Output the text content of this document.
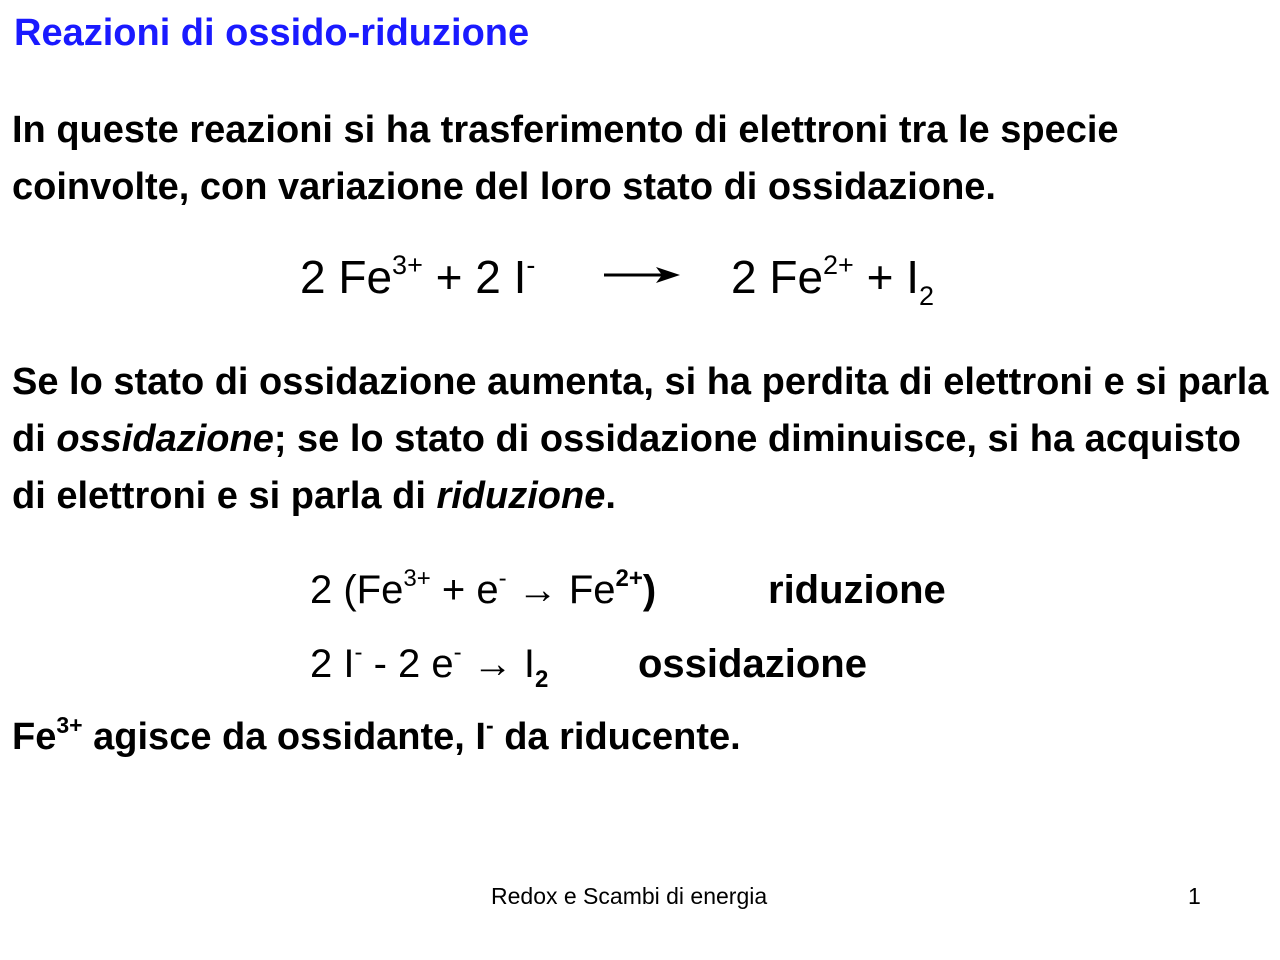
Reazioni di ossido-riduzione
In queste reazioni si ha trasferimento di elettroni tra le specie coinvolte, con variazione del loro stato di ossidazione.
2 $Fe^{3+} + 2$ I-	2 $Fe^{2+} + I_2$
Se lo stato di ossidazione aumenta, si ha perdita di elettroni e si parla di ossidazione; se lo stato di ossidazione diminuisce, si ha acquisto di elettroni e si parla di riduzione.
2 $(Fe^{3+} + e^- \to Fe^{2+})$	riduzione
2 I- - 2 $e^- \to I_2$ ossidazione
$Fe^{3+}$ agisce da ossidante, I- da riducente.
Redox e Scambi di energia	1
